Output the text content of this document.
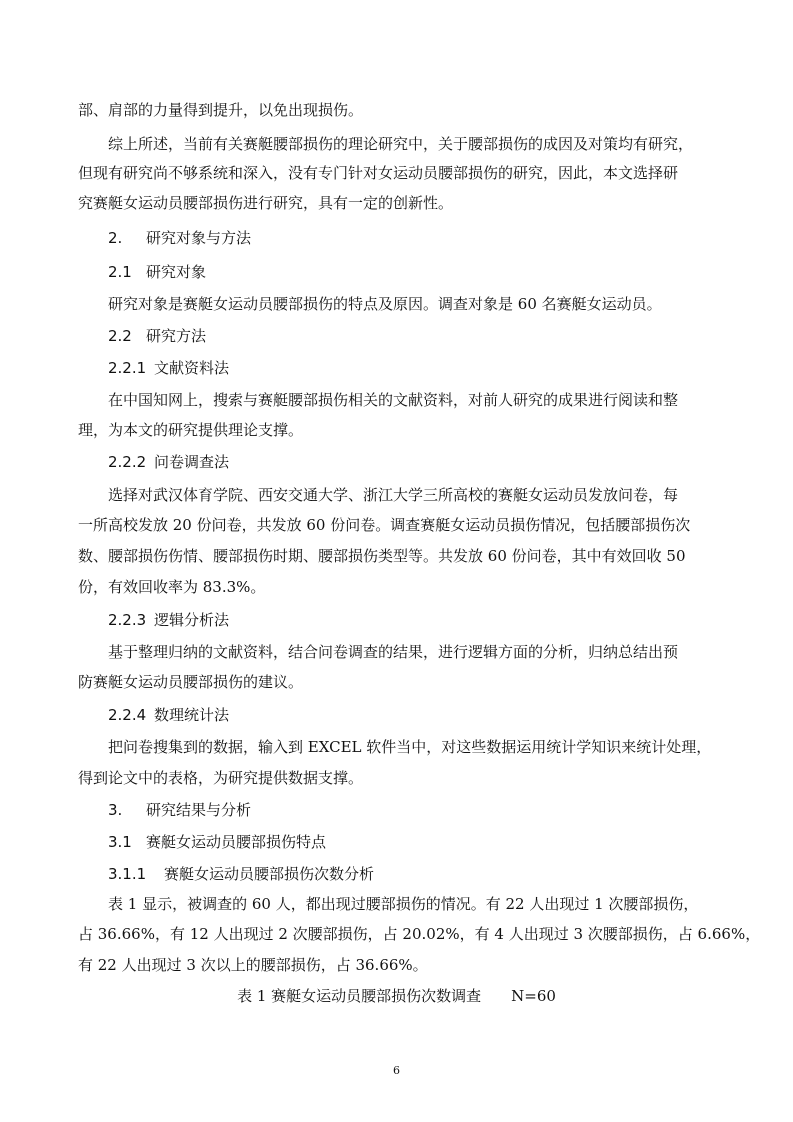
部、肩部的力量得到提升，以免出现损伤。
综上所述，当前有关赛艇腰部损伤的理论研究中，关于腰部损伤的成因及对策均有研究，
但现有研究尚不够系统和深入，没有专门针对女运动员腰部损伤的研究，因此，本文选择研
究赛艇女运动员腰部损伤进行研究，具有一定的创新性。
2. 研究对象与方法
2.1 研究对象
研究对象是赛艇女运动员腰部损伤的特点及原因。调查对象是 60 名赛艇女运动员。
2.2 研究方法
2.2.1 文献资料法
在中国知网上，搜索与赛艇腰部损伤相关的文献资料，对前人研究的成果进行阅读和整
理，为本文的研究提供理论支撑。
2.2.2 问卷调查法
选择对武汉体育学院、西安交通大学、浙江大学三所高校的赛艇女运动员发放问卷，每
一所高校发放 20 份问卷，共发放 60 份问卷。调查赛艇女运动员损伤情况，包括腰部损伤次
数、腰部损伤伤情、腰部损伤时期、腰部损伤类型等。共发放 60 份问卷，其中有效回收 50
份，有效回收率为 83.3%。
2.2.3 逻辑分析法
基于整理归纳的文献资料，结合问卷调查的结果，进行逻辑方面的分析，归纳总结出预
防赛艇女运动员腰部损伤的建议。
2.2.4 数理统计法
把问卷搜集到的数据，输入到 EXCEL 软件当中，对这些数据运用统计学知识来统计处理，
得到论文中的表格，为研究提供数据支撑。
3. 研究结果与分析
3.1 赛艇女运动员腰部损伤特点
3.1.1 赛艇女运动员腰部损伤次数分析
表 1 显示，被调查的 60 人，都出现过腰部损伤的情况。有 22 人出现过 1 次腰部损伤，
占 36.66%，有 12 人出现过 2 次腰部损伤，占 20.02%，有 4 人出现过 3 次腰部损伤，占 6.66%，
有 22 人出现过 3 次以上的腰部损伤，占 36.66%。
表 1 赛艇女运动员腰部损伤次数调查　　N=60
6
